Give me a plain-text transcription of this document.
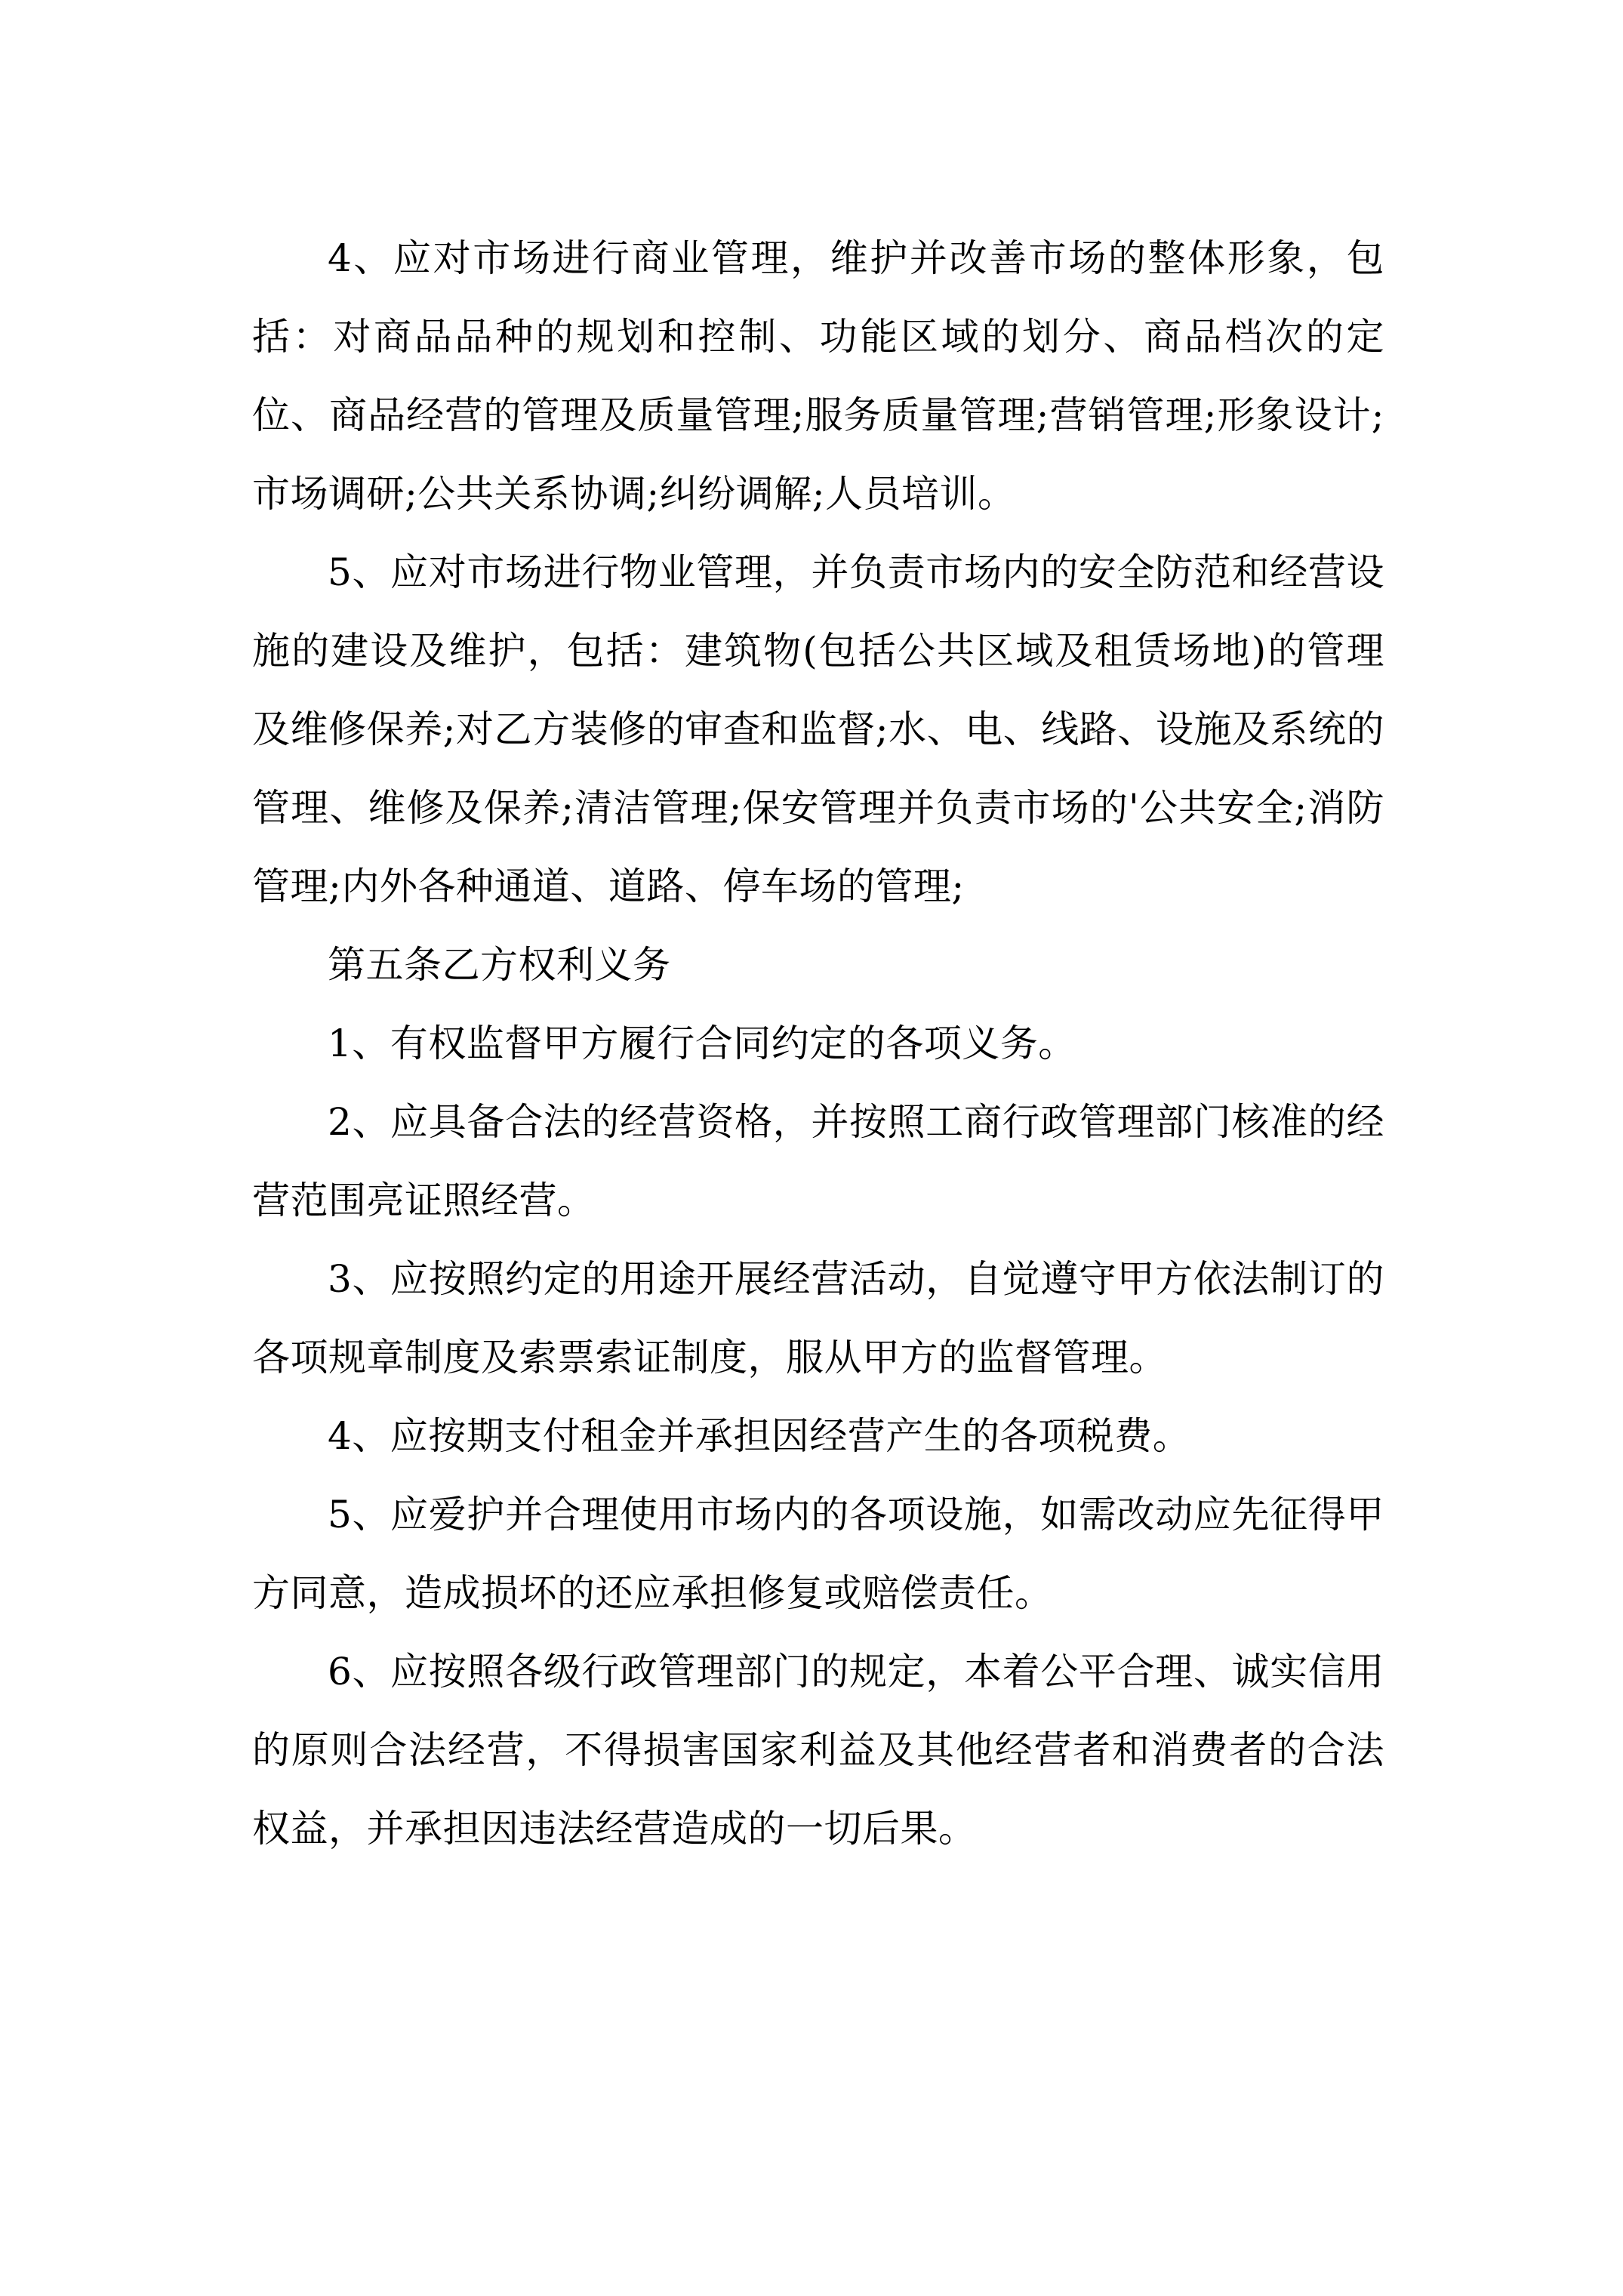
4、应对市场进行商业管理，维护并改善市场的整体形象，包括：对商品品种的规划和控制、功能区域的划分、商品档次的定位、商品经营的管理及质量管理;服务质量管理;营销管理;形象设计;市场调研;公共关系协调;纠纷调解;人员培训。

5、应对市场进行物业管理，并负责市场内的安全防范和经营设施的建设及维护，包括：建筑物(包括公共区域及租赁场地)的管理及维修保养;对乙方装修的审查和监督;水、电、线路、设施及系统的管理、维修及保养;清洁管理;保安管理并负责市场的'公共安全;消防管理;内外各种通道、道路、停车场的管理;

第五条乙方权利义务

1、有权监督甲方履行合同约定的各项义务。

2、应具备合法的经营资格，并按照工商行政管理部门核准的经营范围亮证照经营。

3、应按照约定的用途开展经营活动，自觉遵守甲方依法制订的各项规章制度及索票索证制度，服从甲方的监督管理。

4、应按期支付租金并承担因经营产生的各项税费。

5、应爱护并合理使用市场内的各项设施，如需改动应先征得甲方同意，造成损坏的还应承担修复或赔偿责任。

6、应按照各级行政管理部门的规定，本着公平合理、诚实信用的原则合法经营，不得损害国家利益及其他经营者和消费者的合法权益，并承担因违法经营造成的一切后果。
